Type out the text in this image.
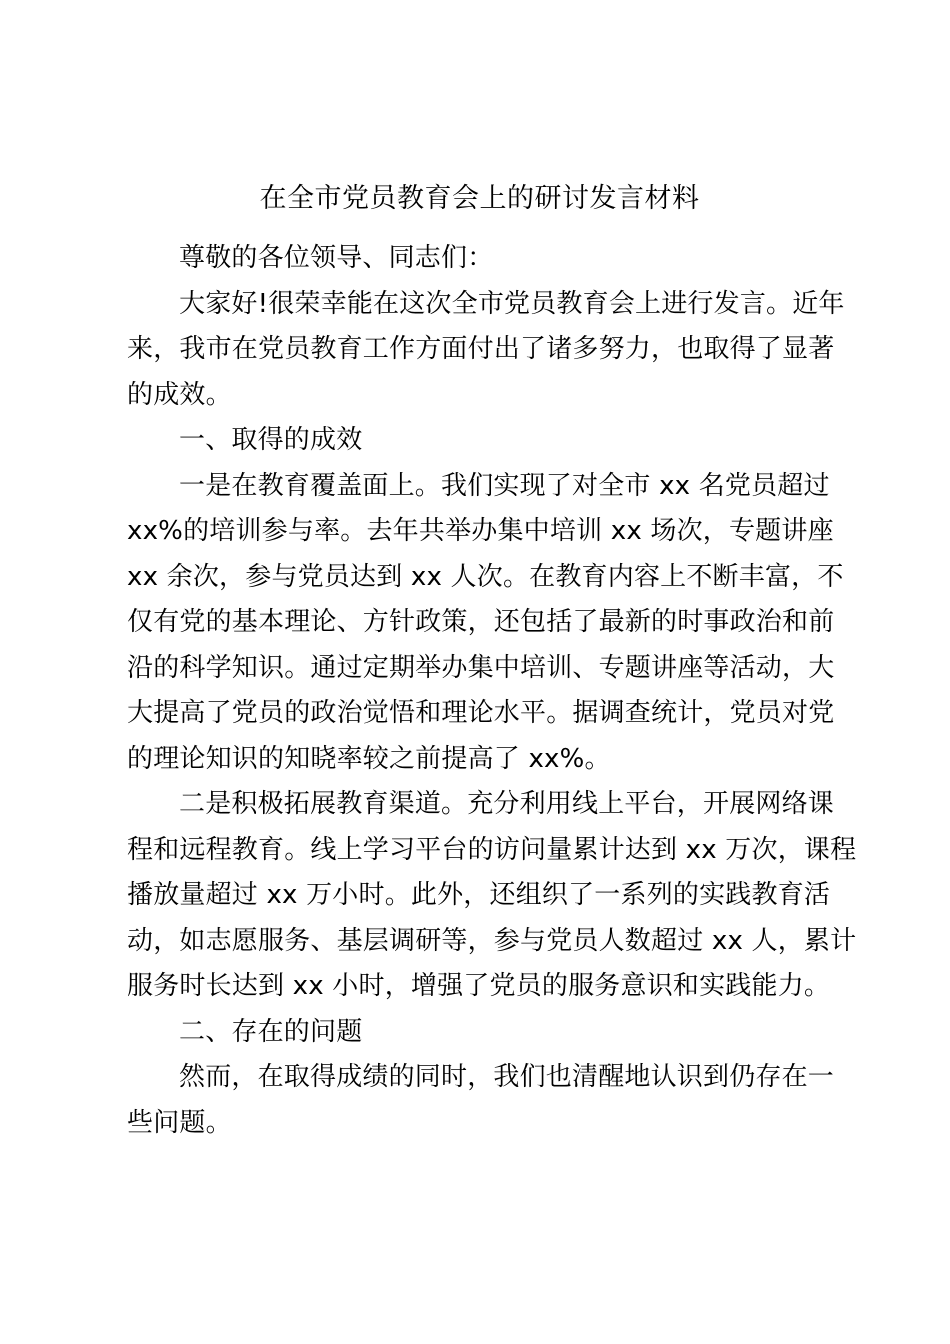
在全市党员教育会上的研讨发言材料

尊敬的各位领导、同志们：

大家好!很荣幸能在这次全市党员教育会上进行发言。近年
来，我市在党员教育工作方面付出了诸多努力，也取得了显著
的成效。

一、取得的成效

一是在教育覆盖面上。我们实现了对全市 xx 名党员超过
xx%的培训参与率。去年共举办集中培训 xx 场次，专题讲座
xx 余次，参与党员达到 xx 人次。在教育内容上不断丰富，不
仅有党的基本理论、方针政策，还包括了最新的时事政治和前
沿的科学知识。通过定期举办集中培训、专题讲座等活动，大
大提高了党员的政治觉悟和理论水平。据调查统计，党员对党
的理论知识的知晓率较之前提高了 xx%。

二是积极拓展教育渠道。充分利用线上平台，开展网络课
程和远程教育。线上学习平台的访问量累计达到 xx 万次，课程
播放量超过 xx 万小时。此外，还组织了一系列的实践教育活
动，如志愿服务、基层调研等，参与党员人数超过 xx 人，累计
服务时长达到 xx 小时，增强了党员的服务意识和实践能力。

二、存在的问题

然而，在取得成绩的同时，我们也清醒地认识到仍存在一
些问题。
